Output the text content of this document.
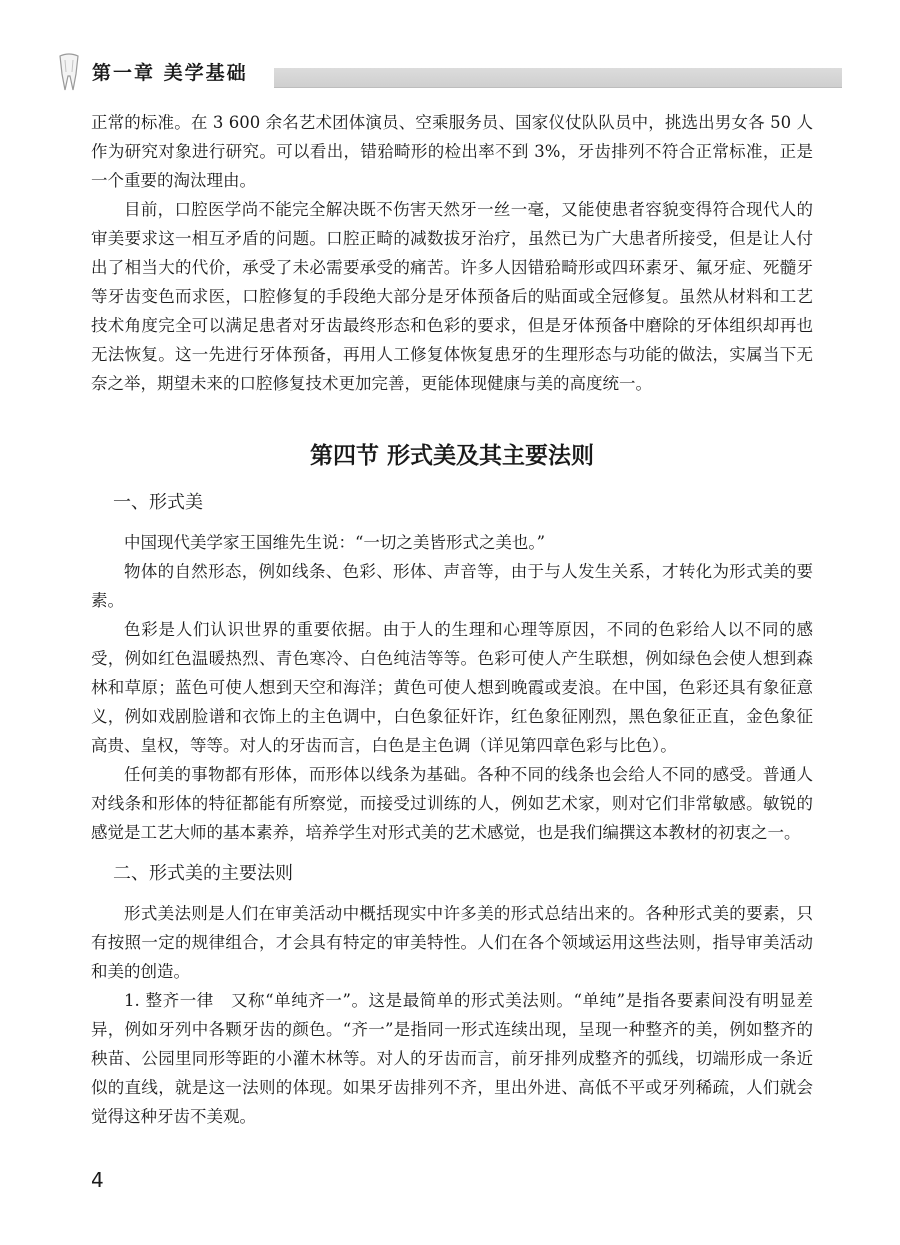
第一章 美学基础

正常的标准。在 3 600 余名艺术团体演员、空乘服务员、国家仪仗队队员中，挑选出男女各 50 人作为研究对象进行研究。可以看出，错𬌗畸形的检出率不到 3%，牙齿排列不符合正常标准，正是一个重要的淘汰理由。

目前，口腔医学尚不能完全解决既不伤害天然牙一丝一毫，又能使患者容貌变得符合现代人的审美要求这一相互矛盾的问题。口腔正畸的减数拔牙治疗，虽然已为广大患者所接受，但是让人付出了相当大的代价，承受了未必需要承受的痛苦。许多人因错𬌗畸形或四环素牙、氟牙症、死髓牙等牙齿变色而求医，口腔修复的手段绝大部分是牙体预备后的贴面或全冠修复。虽然从材料和工艺技术角度完全可以满足患者对牙齿最终形态和色彩的要求，但是牙体预备中磨除的牙体组织却再也无法恢复。这一先进行牙体预备，再用人工修复体恢复患牙的生理形态与功能的做法，实属当下无奈之举，期望未来的口腔修复技术更加完善，更能体现健康与美的高度统一。

第四节 形式美及其主要法则
一、形式美

中国现代美学家王国维先生说：“一切之美皆形式之美也。”

物体的自然形态，例如线条、色彩、形体、声音等，由于与人发生关系，才转化为形式美的要素。

色彩是人们认识世界的重要依据。由于人的生理和心理等原因，不同的色彩给人以不同的感受，例如红色温暖热烈、青色寒冷、白色纯洁等等。色彩可使人产生联想，例如绿色会使人想到森林和草原；蓝色可使人想到天空和海洋；黄色可使人想到晚霞或麦浪。在中国，色彩还具有象征意义，例如戏剧脸谱和衣饰上的主色调中，白色象征奸诈，红色象征刚烈，黑色象征正直，金色象征高贵、皇权，等等。对人的牙齿而言，白色是主色调（详见第四章色彩与比色）。

任何美的事物都有形体，而形体以线条为基础。各种不同的线条也会给人不同的感受。普通人对线条和形体的特征都能有所察觉，而接受过训练的人，例如艺术家，则对它们非常敏感。敏锐的感觉是工艺大师的基本素养，培养学生对形式美的艺术感觉，也是我们编撰这本教材的初衷之一。

二、形式美的主要法则

形式美法则是人们在审美活动中概括现实中许多美的形式总结出来的。各种形式美的要素，只有按照一定的规律组合，才会具有特定的审美特性。人们在各个领域运用这些法则，指导审美活动和美的创造。

1. 整齐一律　又称“单纯齐一”。这是最简单的形式美法则。“单纯”是指各要素间没有明显差异，例如牙列中各颗牙齿的颜色。“齐一”是指同一形式连续出现，呈现一种整齐的美，例如整齐的秧苗、公园里同形等距的小灌木林等。对人的牙齿而言，前牙排列成整齐的弧线，切端形成一条近似的直线，就是这一法则的体现。如果牙齿排列不齐，里出外进、高低不平或牙列稀疏，人们就会觉得这种牙齿不美观。

4
